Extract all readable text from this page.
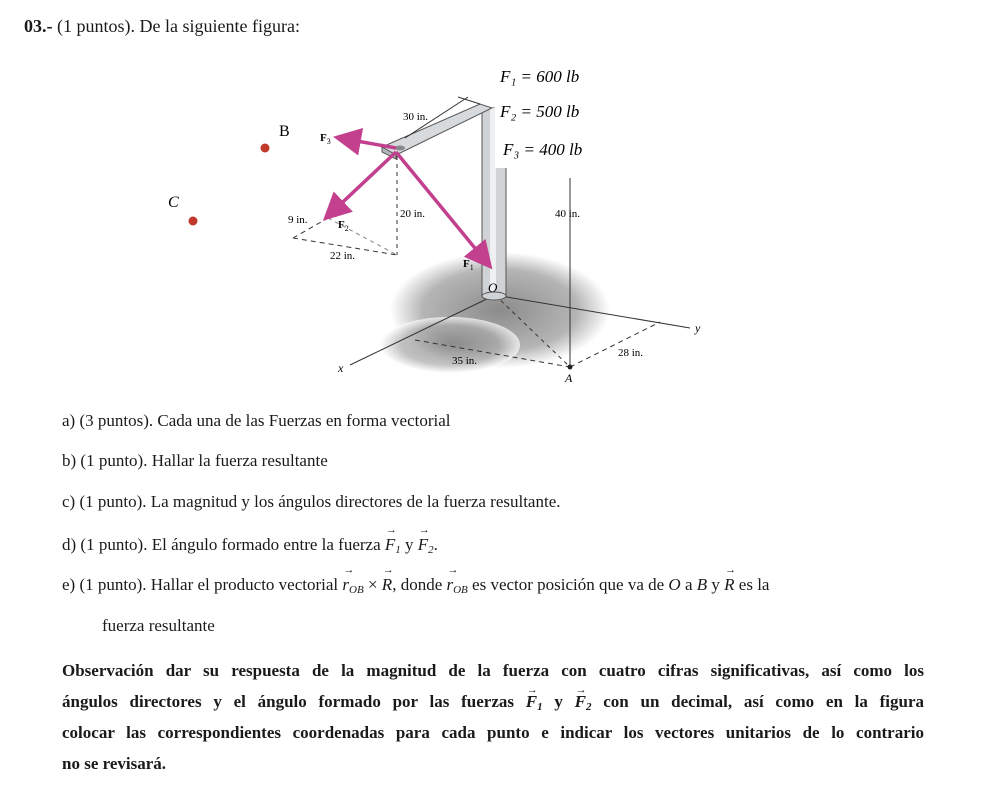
03.- (1 puntos). De la siguiente figura:
x
y
A
40 in.
O
30 in.
20 in.
9 in.
22 in.
35 in.
28 in.
$F_3$
$F_2$
$F_1$
B
C
F₁ = 600 lb
F₂ = 500 lb
F₃ = 400 lb
a) (3 puntos). Cada una de las Fuerzas en forma vectorial
b) (1 punto). Hallar la fuerza resultante
c) (1 punto). La magnitud y los ángulos directores de la fuerza resultante.
d) (1 punto). El ángulo formado entre la fuerza → $F_1$ $y \to F_2$.
e) (1 punto). Hallar el producto vectorial → $r_{OB}$ × → R, donde → $r_{OB}$ es vector posición que va de O a B y → R es la
fuerza resultante
Observación dar su respuesta de la magnitud de la fuerza con cuatro cifras significativas, así como los
ángulos directores y el ángulo formado por las fuerzas → $F_1$ $y \to F_2$ con un decimal, así como en la figura
colocar las correspondientes coordenadas para cada punto e indicar los vectores unitarios de lo contrario
no se revisará.
